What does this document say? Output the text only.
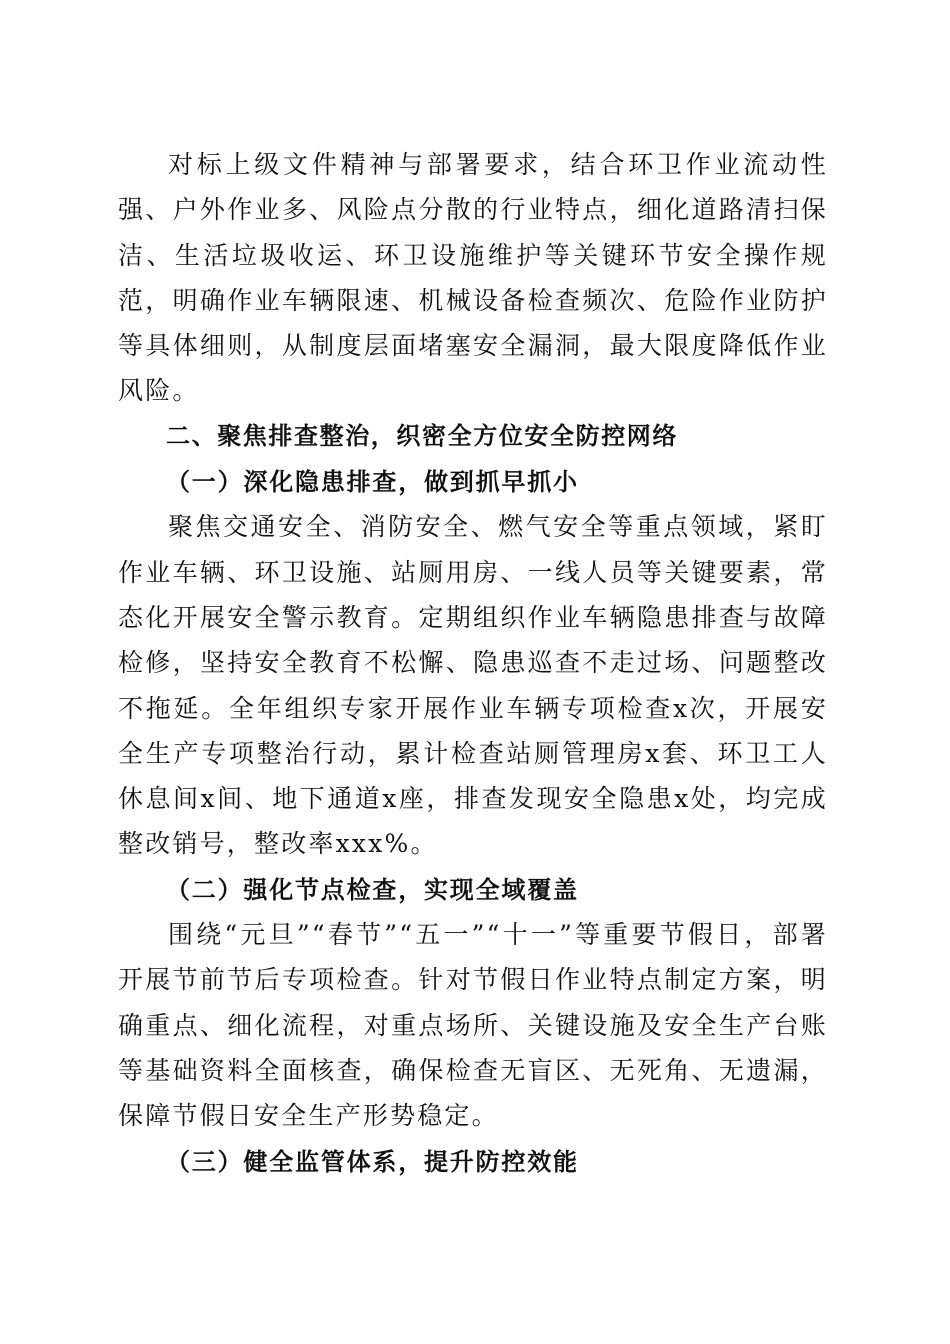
对标上级文件精神与部署要求，结合环卫作业流动性强、户外作业多、风险点分散的行业特点，细化道路清扫保洁、生活垃圾收运、环卫设施维护等关键环节安全操作规范，明确作业车辆限速、机械设备检查频次、危险作业防护等具体细则，从制度层面堵塞安全漏洞，最大限度降低作业风险。

二、聚焦排查整治，织密全方位安全防控网络

（一）深化隐患排查，做到抓早抓小

聚焦交通安全、消防安全、燃气安全等重点领域，紧盯作业车辆、环卫设施、站厕用房、一线人员等关键要素，常态化开展安全警示教育。定期组织作业车辆隐患排查与故障检修，坚持安全教育不松懈、隐患巡查不走过场、问题整改不拖延。全年组织专家开展作业车辆专项检查x次，开展安全生产专项整治行动，累计检查站厕管理房x套、环卫工人休息间x间、地下通道x座，排查发现安全隐患x处，均完成整改销号，整改率xxx%。

（二）强化节点检查，实现全域覆盖

围绕“元旦”“春节”“五一”“十一”等重要节假日，部署开展节前节后专项检查。针对节假日作业特点制定方案，明确重点、细化流程，对重点场所、关键设施及安全生产台账等基础资料全面核查，确保检查无盲区、无死角、无遗漏，保障节假日安全生产形势稳定。

（三）健全监管体系，提升防控效能
